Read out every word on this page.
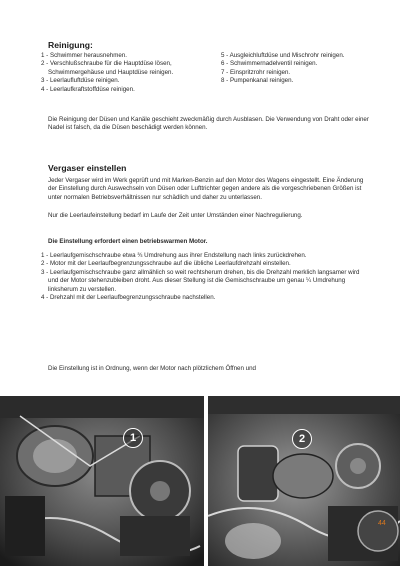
Reinigung:
1 - Schwimmer herausnehmen.
2 - Verschlußschraube für die Hauptdüse lösen, Schwimmergehäuse und Hauptdüse reinigen.
3 - Leerlaufluftdüse reinigen.
4 - Leerlaufkraftstoffdüse reinigen.
5 - Ausgleichluftdüse und Mischrohr reinigen.
6 - Schwimmernadelventil reinigen.
7 - Einspritzrohr reinigen.
8 - Pumpenkanal reinigen.
Die Reinigung der Düsen und Kanäle geschieht zweckmäßig durch Ausblasen. Die Verwendung von Draht oder einer Nadel ist falsch, da die Düsen beschädigt werden können.
Vergaser einstellen
Jeder Vergaser wird im Werk geprüft und mit Marken-Benzin auf den Motor des Wagens eingestellt. Eine Änderung der Einstellung durch Auswechseln von Düsen oder Lufttrichter gegen andere als die vorgeschriebenen Größen ist unter normalen Betriebsverhältnissen nur schädlich und daher zu unterlassen.
Nur die Leerlaufeinstellung bedarf im Laufe der Zeit unter Umständen einer Nachregulierung.
Die Einstellung erfordert einen betriebswarmen Motor.
1 - Leerlaufgemischschraube etwa ¾ Umdrehung aus ihrer Endstellung nach links zurückdrehen.
2 - Motor mit der Leerlaufbegrenzungsschraube auf die übliche Leerlaufdrehzahl einstellen.
3 - Leerlaufgemischschraube ganz allmählich so weit rechtsherum drehen, bis die Drehzahl merklich langsamer wird und der Motor stehenzubleiben droht. Aus dieser Stellung ist die Gemischschraube um genau ¼ Umdrehung linksherum zu verstellen.
4 - Drehzahl mit der Leerlaufbegrenzungsschraube nachstellen.
Die Einstellung ist in Ordnung, wenn der Motor nach plötzlichem Öffnen und
1	2
44
